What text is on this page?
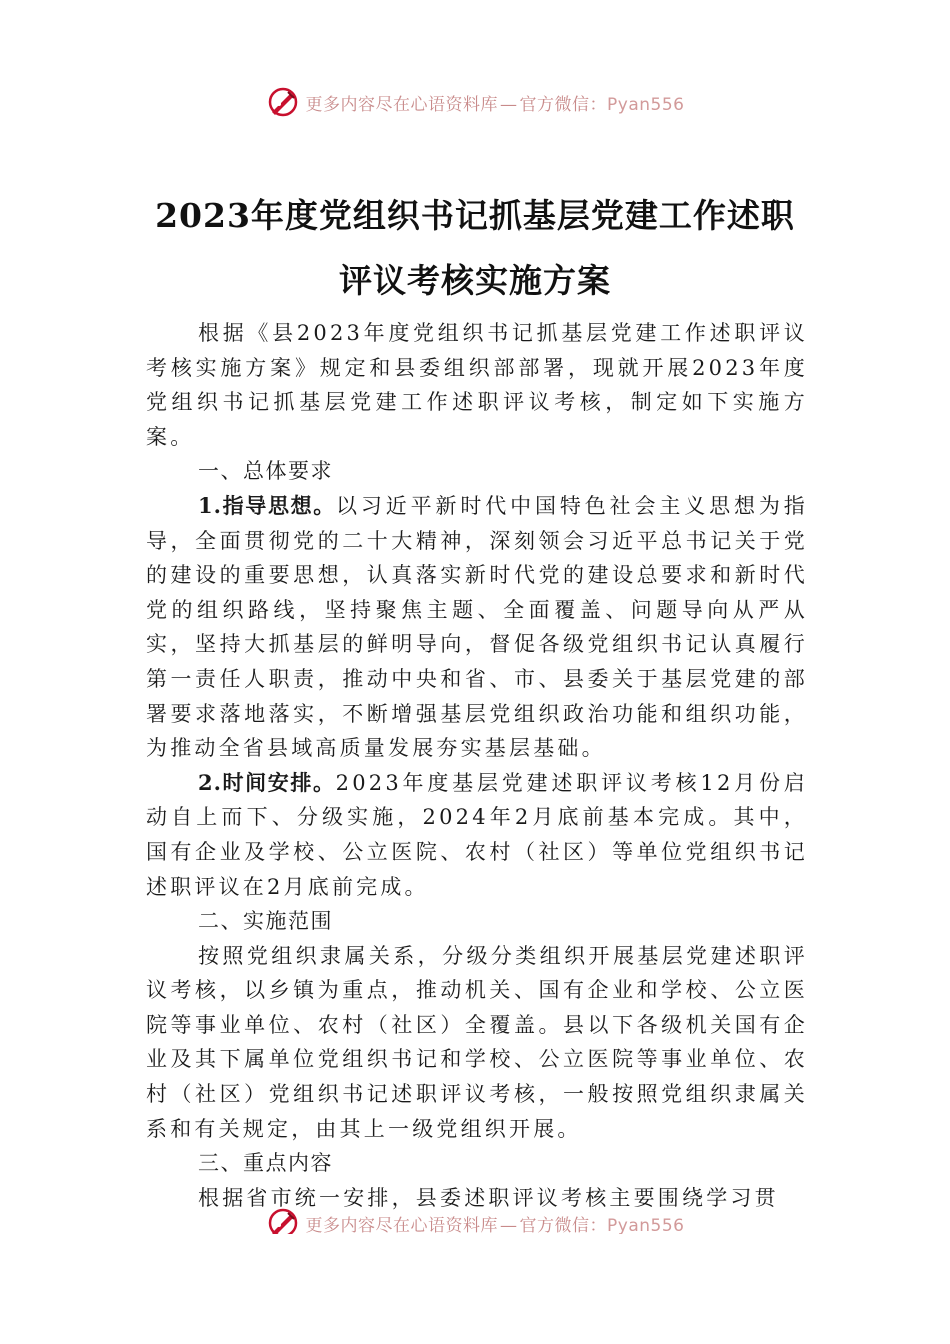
更多内容尽在心语资料库 — 官方微信：Pyan556
2023年度党组织书记抓基层党建工作述职
评议考核实施方案

根据《县2023年度党组织书记抓基层党建工作述职评议考核实施方案》规定和县委组织部部署，现就开展2023年度党组织书记抓基层党建工作述职评议考核，制定如下实施方案。

一、总体要求

1.指导思想。以习近平新时代中国特色社会主义思想为指导，全面贯彻党的二十大精神，深刻领会习近平总书记关于党的建设的重要思想，认真落实新时代党的建设总要求和新时代党的组织路线，坚持聚焦主题、全面覆盖、问题导向从严从实，坚持大抓基层的鲜明导向，督促各级党组织书记认真履行第一责任人职责，推动中央和省、市、县委关于基层党建的部署要求落地落实，不断增强基层党组织政治功能和组织功能，为推动全省县域高质量发展夯实基层基础。

2.时间安排。2023年度基层党建述职评议考核12月份启动自上而下、分级实施，2024年2月底前基本完成。其中，国有企业及学校、公立医院、农村（社区）等单位党组织书记述职评议在2月底前完成。

二、实施范围

按照党组织隶属关系，分级分类组织开展基层党建述职评议考核，以乡镇为重点，推动机关、国有企业和学校、公立医院等事业单位、农村（社区）全覆盖。县以下各级机关国有企业及其下属单位党组织书记和学校、公立医院等事业单位、农村（社区）党组织书记述职评议考核，一般按照党组织隶属关系和有关规定，由其上一级党组织开展。

三、重点内容

根据省市统一安排，县委述职评议考核主要围绕学习贯

更多内容尽在心语资料库 — 官方微信：Pyan556
